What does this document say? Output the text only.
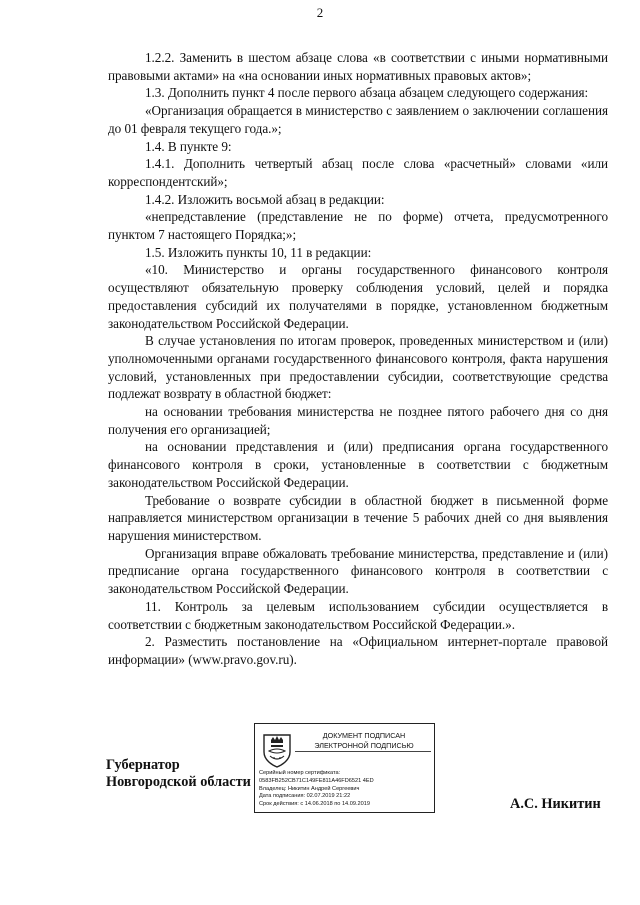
2

1.2.2. Заменить в шестом абзаце слова «в соответствии с иными нормативными правовыми актами» на «на основании иных нормативных правовых актов»;

1.3. Дополнить пункт 4 после первого абзаца абзацем следующего содержания:

«Организация обращается в министерство с заявлением о заключении соглашения до 01 февраля текущего года.»;

1.4. В пункте 9:

1.4.1. Дополнить четвертый абзац после слова «расчетный» словами «или корреспондентский»;

1.4.2. Изложить восьмой абзац в редакции:

«непредставление (представление не по форме) отчета, предусмотренного пунктом 7 настоящего Порядка;»;

1.5. Изложить пункты 10, 11 в редакции:

«10. Министерство и органы государственного финансового контроля осуществляют обязательную проверку соблюдения условий, целей и порядка предоставления субсидий их получателями в порядке, установленном бюджетным законодательством Российской Федерации.

В случае установления по итогам проверок, проведенных министерством и (или) уполномоченными органами государственного финансового контроля, факта нарушения условий, установленных при предоставлении субсидии, соответствующие средства подлежат возврату в областной бюджет:

на основании требования министерства не позднее пятого рабочего дня со дня получения его организацией;

на основании представления и (или) предписания органа государственного финансового контроля в сроки, установленные в соответствии с бюджетным законодательством Российской Федерации.

Требование о возврате субсидии в областной бюджет в письменной форме направляется министерством организации в течение 5 рабочих дней со дня выявления нарушения министерством.

Организация вправе обжаловать требование министерства, представление и (или) предписание органа государственного финансового контроля в соответствии с законодательством Российской Федерации.

11. Контроль за целевым использованием субсидии осуществляется в соответствии с бюджетным законодательством Российской Федерации.».

2. Разместить постановление на «Официальном интернет-портале правовой информации» (www.pravo.gov.ru).

Губернатор
Новгородской области
ДОКУМЕНТ ПОДПИСАН
ЭЛЕКТРОННОЙ ПОДПИСЬЮ
Серийный номер сертификата:
0583FB252CB71C149FE811A46FD6521 4ED
Владелец: Никитин Андрей Сергеевич
Дата подписания: 02.07.2019 21:22
Срок действия: с 14.06.2018 по 14.09.2019	А.С. Никитин
